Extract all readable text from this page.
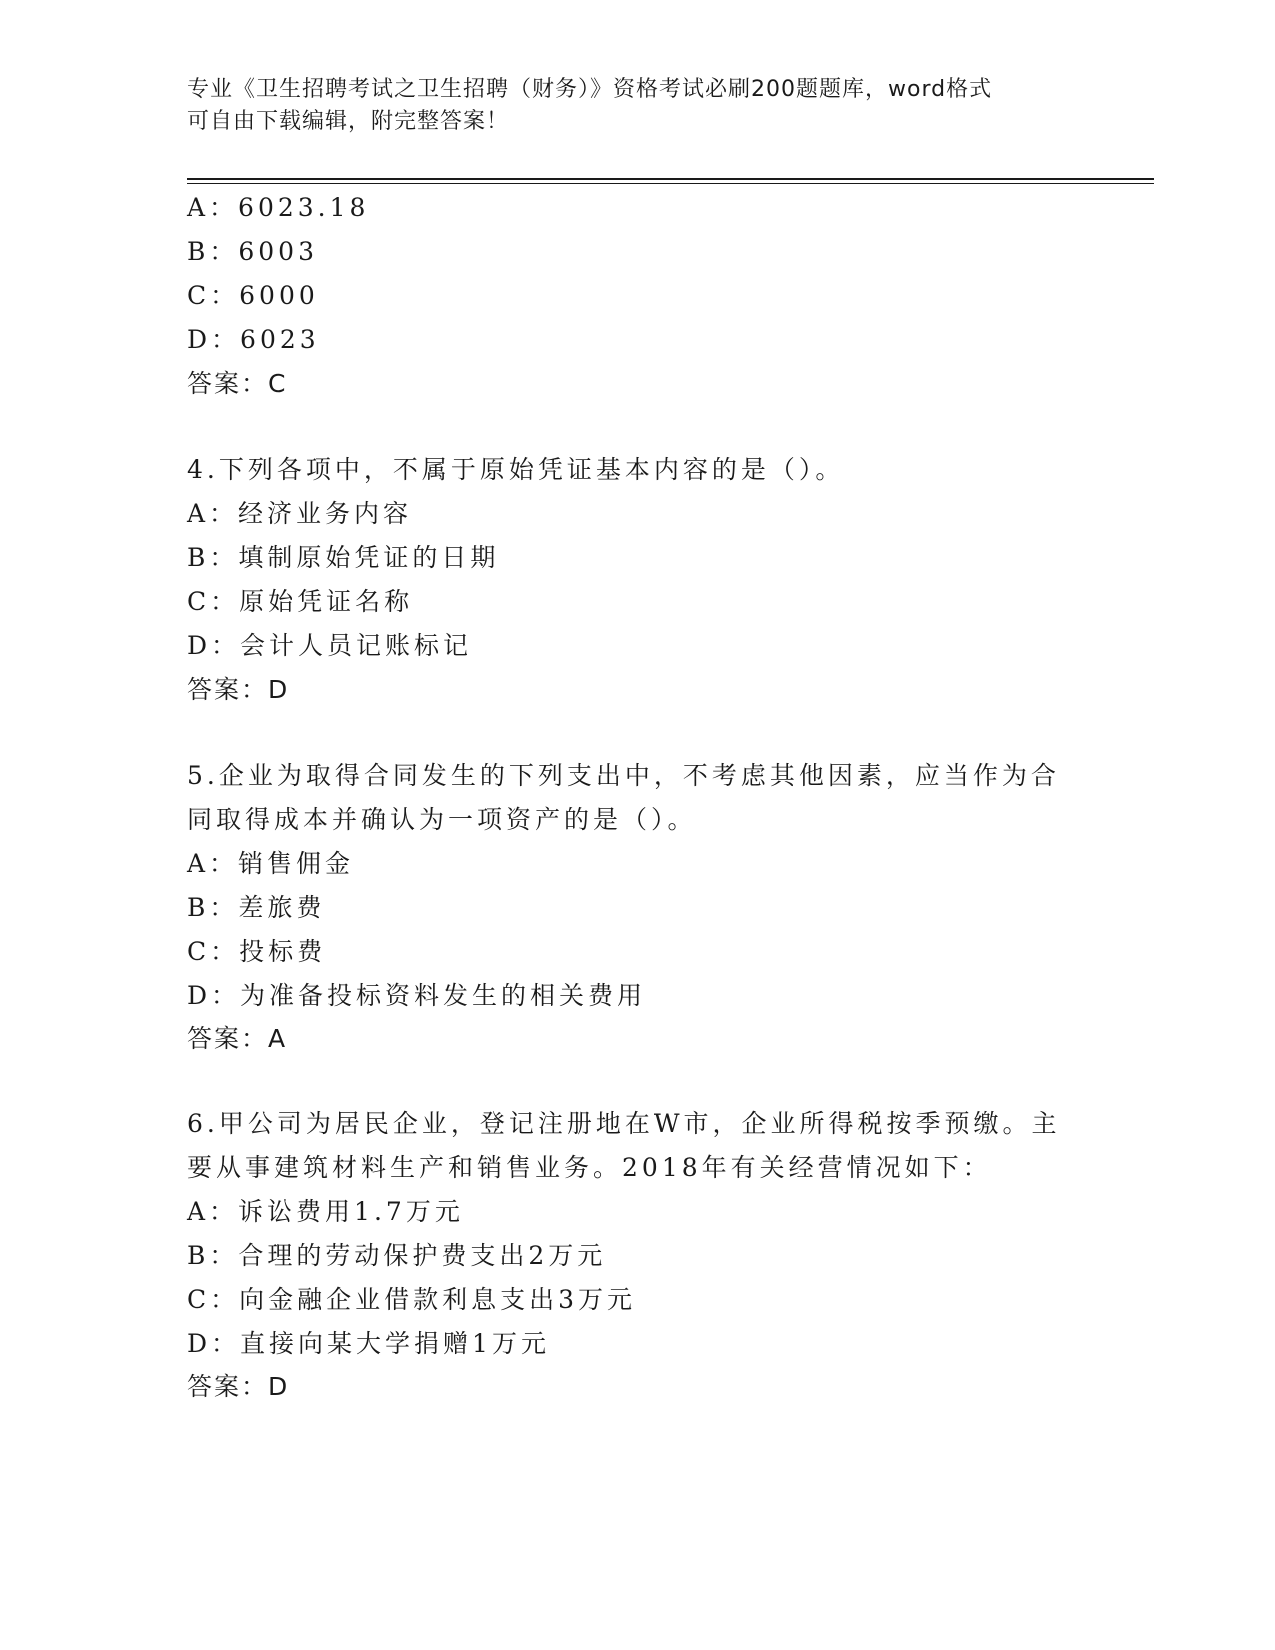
专业《卫生招聘考试之卫生招聘（财务）》资格考试必刷200题题库，word格式
可自由下载编辑，附完整答案！
A：6023.18
B：6003
C：6000
D：6023
答案：C
4.下列各项中，不属于原始凭证基本内容的是（）。
A：经济业务内容
B：填制原始凭证的日期
C：原始凭证名称
D：会计人员记账标记
答案：D
5.企业为取得合同发生的下列支出中，不考虑其他因素，应当作为合
同取得成本并确认为一项资产的是（）。
A：销售佣金
B：差旅费
C：投标费
D：为准备投标资料发生的相关费用
答案：A
6.甲公司为居民企业，登记注册地在W市，企业所得税按季预缴。主
要从事建筑材料生产和销售业务。2018年有关经营情况如下：
A：诉讼费用1.7万元
B：合理的劳动保护费支出2万元
C：向金融企业借款利息支出3万元
D：直接向某大学捐赠1万元
答案：D
